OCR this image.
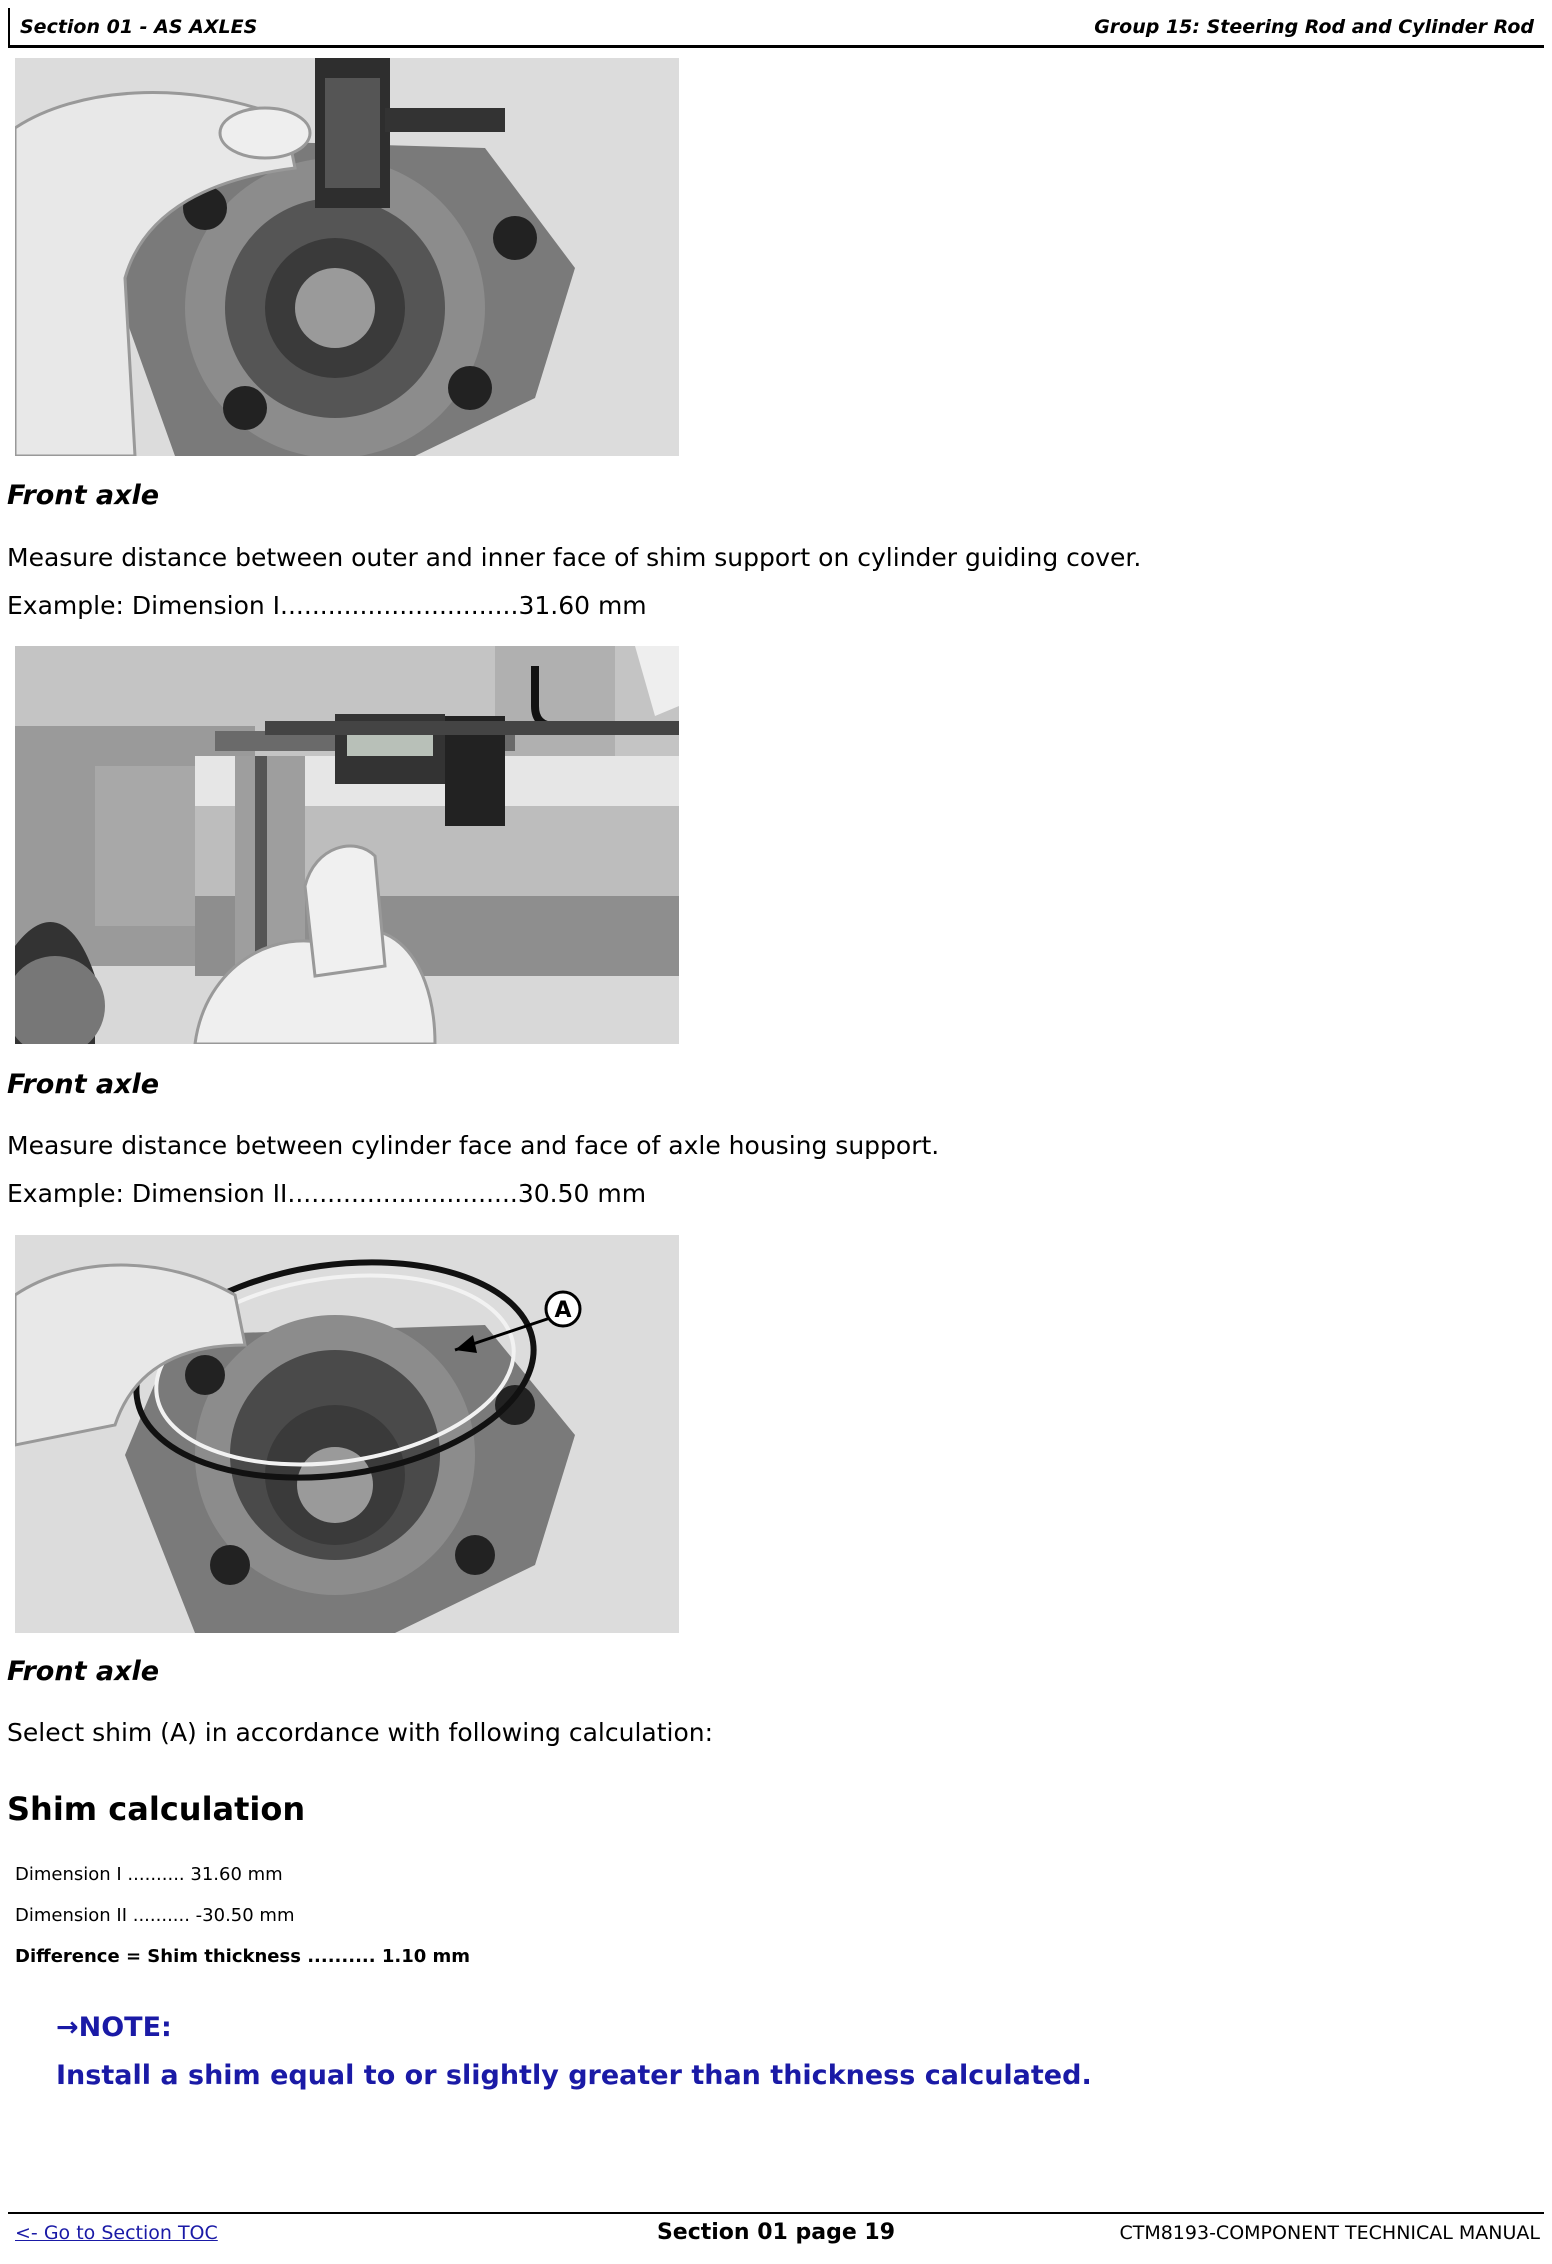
Section 01 - AS AXLES	Group 15: Steering Rod and Cylinder Rod
Front axle
Measure distance between outer and inner face of shim support on cylinder guiding cover.
Example: Dimension I..............................31.60 mm
Front axle
Measure distance between cylinder face and face of axle housing support.
Example: Dimension II.............................30.50 mm
A
Front axle
Select shim (A) in accordance with following calculation:
Shim calculation
Dimension I .......... 31.60 mm
Dimension II .......... -30.50 mm
Difference = Shim thickness .......... 1.10 mm
→NOTE:
Install a shim equal to or slightly greater than thickness calculated.
<- Go to Section TOC	Section 01 page 19	CTM8193-COMPONENT TECHNICAL MANUAL
